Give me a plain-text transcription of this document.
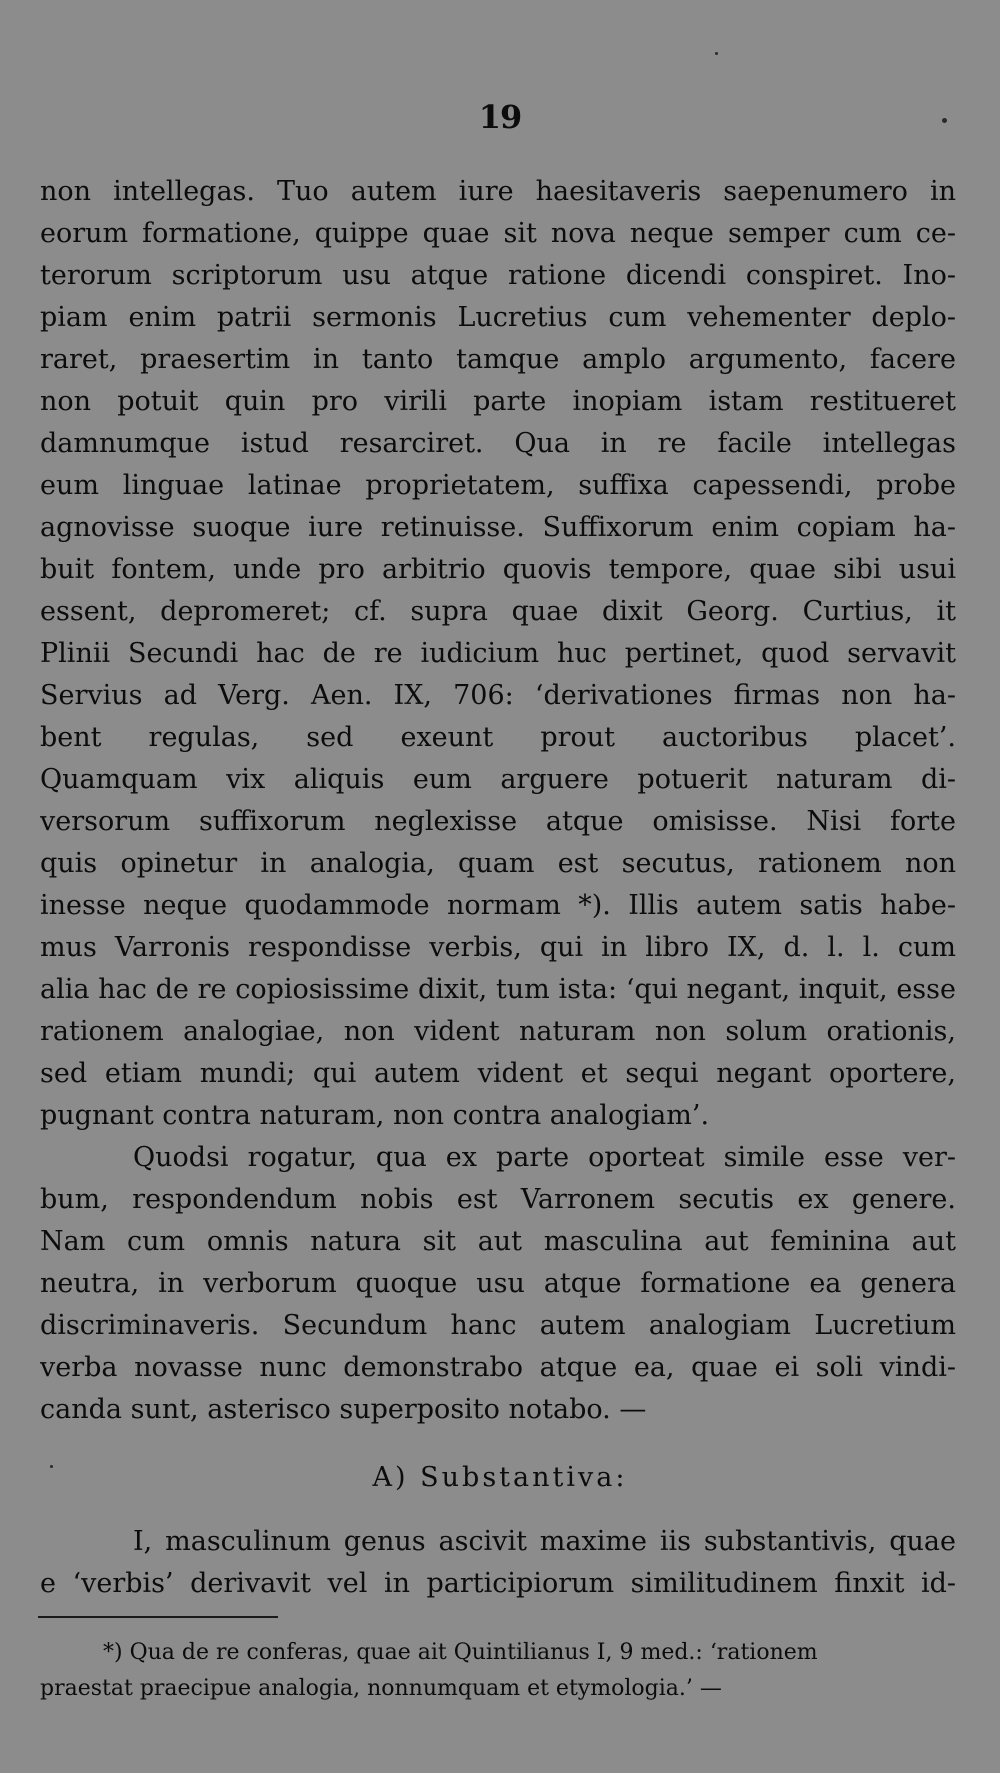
19
non intellegas. Tuo autem iure haesitaveris saepenumero in
eorum formatione, quippe quae sit nova neque semper cum ce-
terorum scriptorum usu atque ratione dicendi conspiret. Ino-
piam enim patrii sermonis Lucretius cum vehementer deplo-
raret, praesertim in tanto tamque amplo argumento, facere
non potuit quin pro virili parte inopiam istam restitueret
damnumque istud resarciret. Qua in re facile intellegas
eum linguae latinae proprietatem, suffixa capessendi, probe
agnovisse suoque iure retinuisse. Suffixorum enim copiam ha-
buit fontem, unde pro arbitrio quovis tempore, quae sibi usui
essent, depromeret; cf. supra quae dixit Georg. Curtius, it
Plinii Secundi hac de re iudicium huc pertinet, quod servavit
Servius ad Verg. Aen. IX, 706: ‘derivationes firmas non ha-
bent regulas, sed exeunt prout auctoribus placet’.
Quamquam vix aliquis eum arguere potuerit naturam di-
versorum suffixorum neglexisse atque omisisse. Nisi forte
quis opinetur in analogia, quam est secutus, rationem non
inesse neque quodammode normam *). Illis autem satis habe-
mus Varronis respondisse verbis, qui in libro IX, d. l. l. cum
alia hac de re copiosissime dixit, tum ista: ‘qui negant, inquit, esse
rationem analogiae, non vident naturam non solum orationis,
sed etiam mundi; qui autem vident et sequi negant oportere,
pugnant contra naturam, non contra analogiam’.
Quodsi rogatur, qua ex parte oporteat simile esse ver-
bum, respondendum nobis est Varronem secutis ex genere.
Nam cum omnis natura sit aut masculina aut feminina aut
neutra, in verborum quoque usu atque formatione ea genera
discriminaveris. Secundum hanc autem analogiam Lucretium
verba novasse nunc demonstrabo atque ea, quae ei soli vindi-
canda sunt, asterisco superposito notabo. —
A) Substantiva:
I, masculinum genus ascivit maxime iis substantivis, quae
e ‘verbis’ derivavit vel in participiorum similitudinem finxit id-
*) Qua de re conferas, quae ait Quintilianus I, 9 med.: ‘rationem
praestat praecipue analogia, nonnumquam et etymologia.’ —
